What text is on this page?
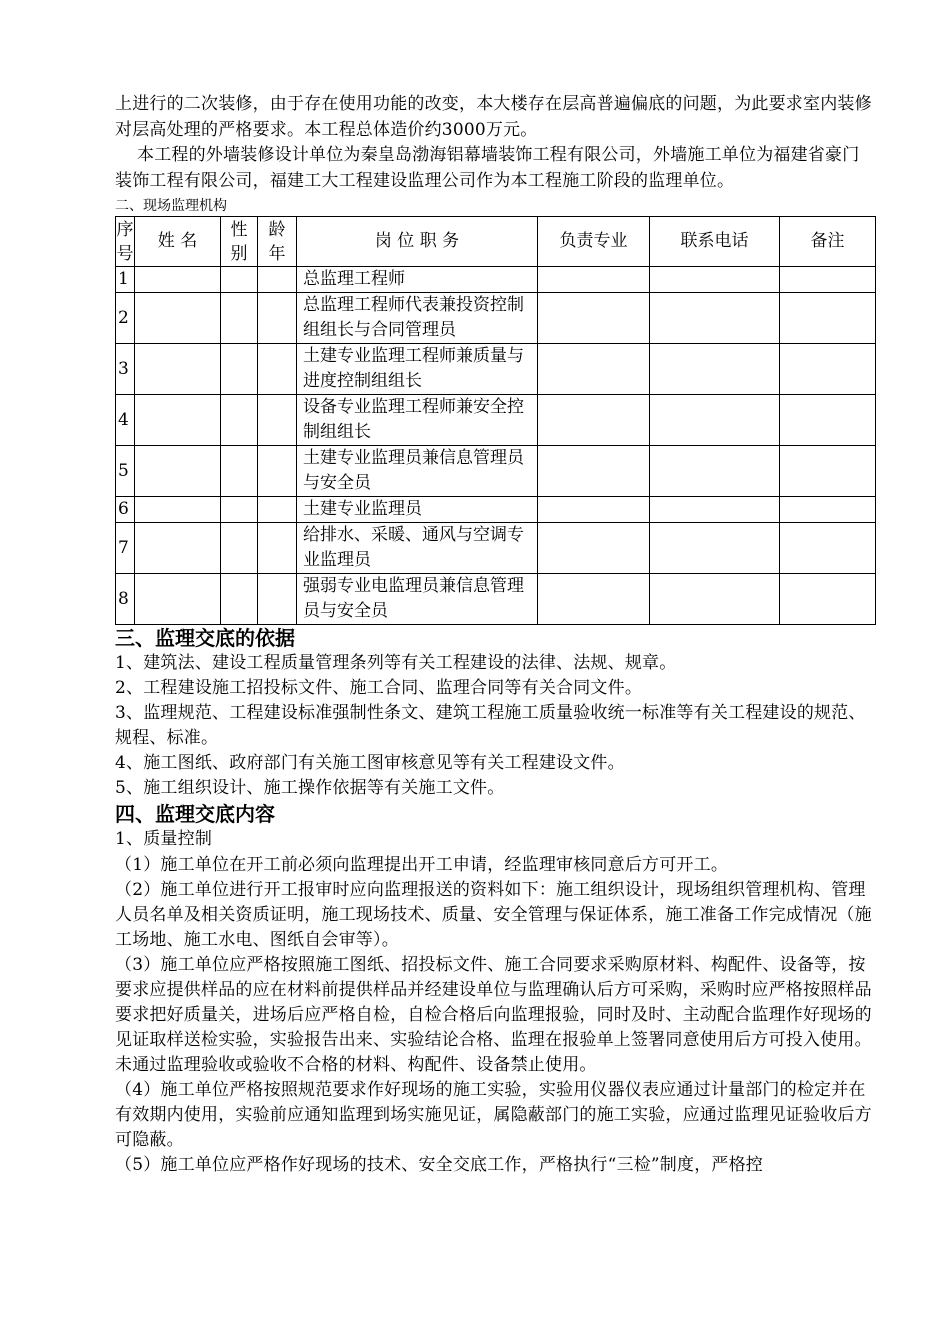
上进行的二次装修，由于存在使用功能的改变，本大楼存在层高普遍偏底的问题，为此要求室内装修对层高处理的严格要求。本工程总体造价约3000万元。

本工程的外墙装修设计单位为秦皇岛渤海铝幕墙装饰工程有限公司，外墙施工单位为福建省豪门装饰工程有限公司，福建工大工程建设监理公司作为本工程施工阶段的监理单位。

二、现场监理机构

序号	姓 名	性别	龄年	岗 位 职 务	负责专业	联系电话	备注
1				总监理工程师			
2				总监理工程师代表兼投资控制组组长与合同管理员			
3				土建专业监理工程师兼质量与进度控制组组长			
4				设备专业监理工程师兼安全控制组组长			
5				土建专业监理员兼信息管理员与安全员			
6				土建专业监理员			
7				给排水、采暖、通风与空调专业监理员			
8				强弱专业电监理员兼信息管理员与安全员			

三、监理交底的依据

1、建筑法、建设工程质量管理条列等有关工程建设的法律、法规、规章。

2、工程建设施工招投标文件、施工合同、监理合同等有关合同文件。

3、监理规范、工程建设标准强制性条文、建筑工程施工质量验收统一标准等有关工程建设的规范、规程、标准。

4、施工图纸、政府部门有关施工图审核意见等有关工程建设文件。

5、施工组织设计、施工操作依据等有关施工文件。

四、监理交底内容

1、质量控制

（1）施工单位在开工前必须向监理提出开工申请，经监理审核同意后方可开工。

（2）施工单位进行开工报审时应向监理报送的资料如下：施工组织设计，现场组织管理机构、管理人员名单及相关资质证明，施工现场技术、质量、安全管理与保证体系，施工准备工作完成情况（施工场地、施工水电、图纸自会审等）。

（3）施工单位应严格按照施工图纸、招投标文件、施工合同要求采购原材料、构配件、设备等，按要求应提供样品的应在材料前提供样品并经建设单位与监理确认后方可采购，采购时应严格按照样品要求把好质量关，进场后应严格自检，自检合格后向监理报验，同时及时、主动配合监理作好现场的见证取样送检实验，实验报告出来、实验结论合格、监理在报验单上签署同意使用后方可投入使用。未通过监理验收或验收不合格的材料、构配件、设备禁止使用。

（4）施工单位严格按照规范要求作好现场的施工实验，实验用仪器仪表应通过计量部门的检定并在有效期内使用，实验前应通知监理到场实施见证，属隐蔽部门的施工实验，应通过监理见证验收后方可隐蔽。

（5）施工单位应严格作好现场的技术、安全交底工作，严格执行“三检”制度，严格控
